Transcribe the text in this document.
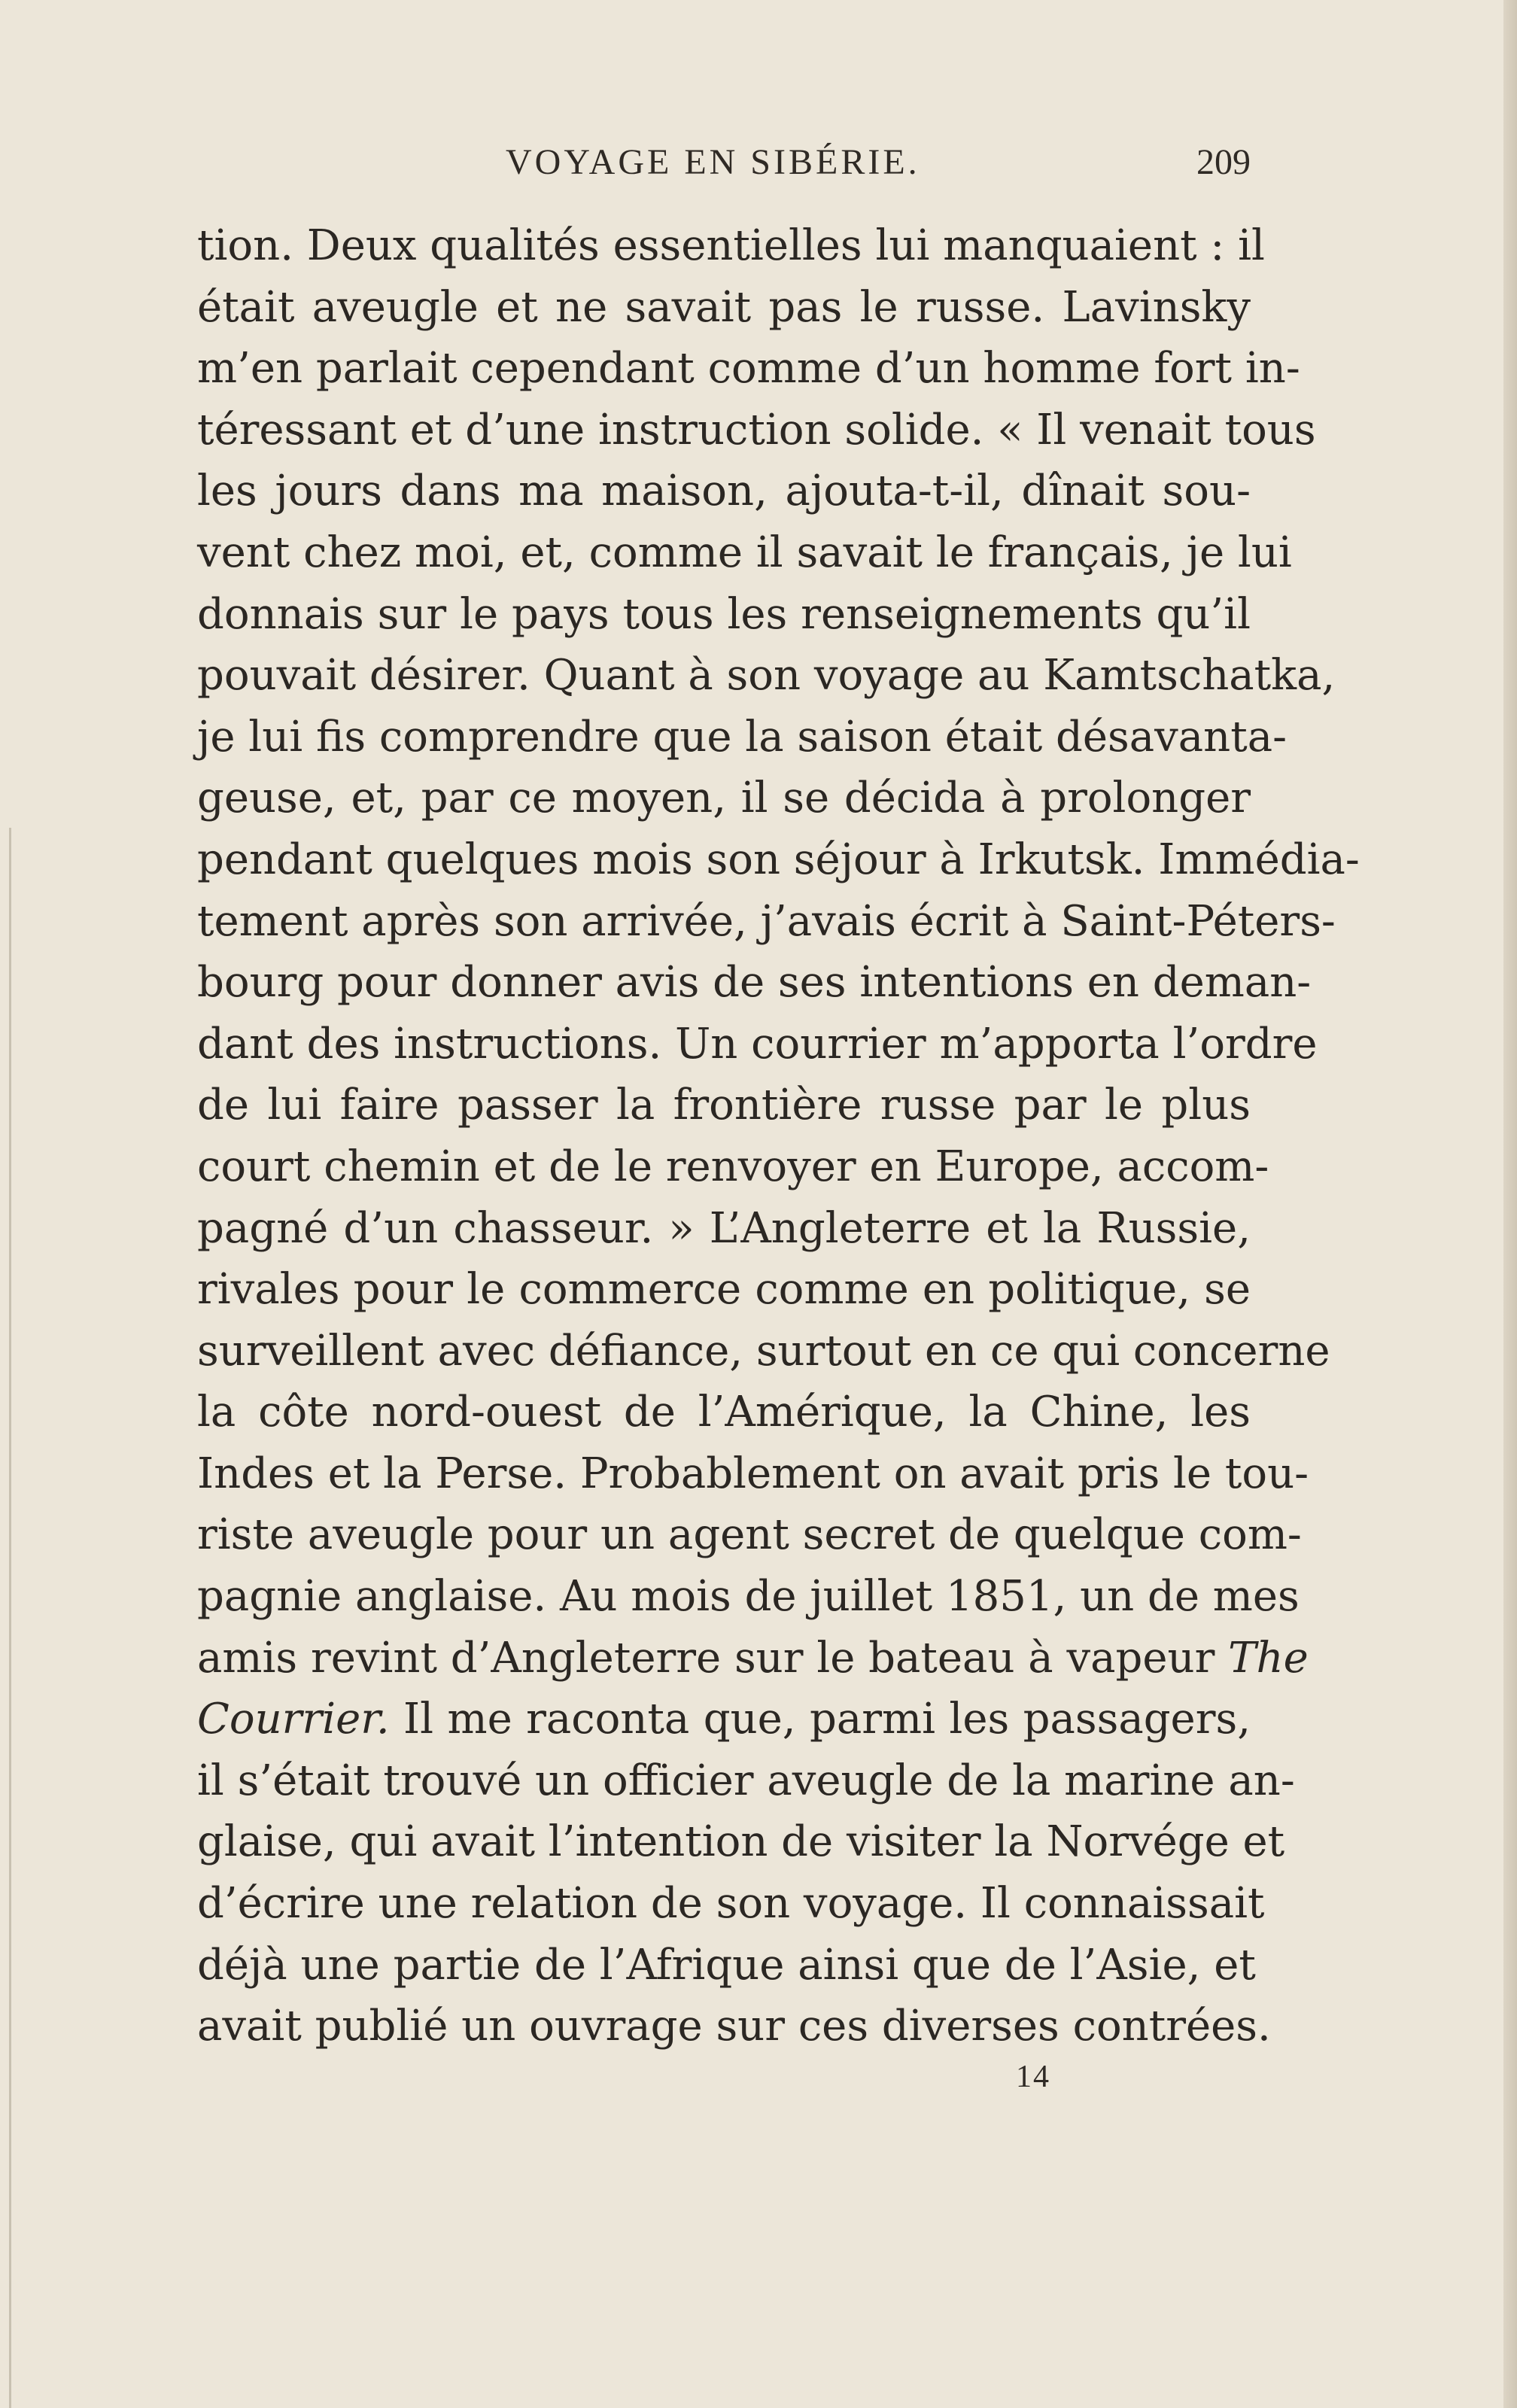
VOYAGE EN SIBÉRIE.	209
tion. Deux qualités essentielles lui manquaient : il
était aveugle et ne savait pas le russe. Lavinsky
m’en parlait cependant comme d’un homme fort in-
téressant et d’une instruction solide. « Il venait tous
les jours dans ma maison, ajouta-t-il, dînait sou-
vent chez moi, et, comme il savait le français, je lui
donnais sur le pays tous les renseignements qu’il
pouvait désirer. Quant à son voyage au Kamtschatka,
je lui fis comprendre que la saison était désavanta-
geuse, et, par ce moyen, il se décida à prolonger
pendant quelques mois son séjour à Irkutsk. Immédia-
tement après son arrivée, j’avais écrit à Saint-Péters-
bourg pour donner avis de ses intentions en deman-
dant des instructions. Un courrier m’apporta l’ordre
de lui faire passer la frontière russe par le plus
court chemin et de le renvoyer en Europe, accom-
pagné d’un chasseur. » L’Angleterre et la Russie,
rivales pour le commerce comme en politique, se
surveillent avec défiance, surtout en ce qui concerne
la côte nord-ouest de l’Amérique, la Chine, les
Indes et la Perse. Probablement on avait pris le tou-
riste aveugle pour un agent secret de quelque com-
pagnie anglaise. Au mois de juillet 1851, un de mes
amis revint d’Angleterre sur le bateau à vapeur The
Courrier. Il me raconta que, parmi les passagers,
il s’était trouvé un officier aveugle de la marine an-
glaise, qui avait l’intention de visiter la Norvége et
d’écrire une relation de son voyage. Il connaissait
déjà une partie de l’Afrique ainsi que de l’Asie, et
avait publié un ouvrage sur ces diverses contrées.
14
